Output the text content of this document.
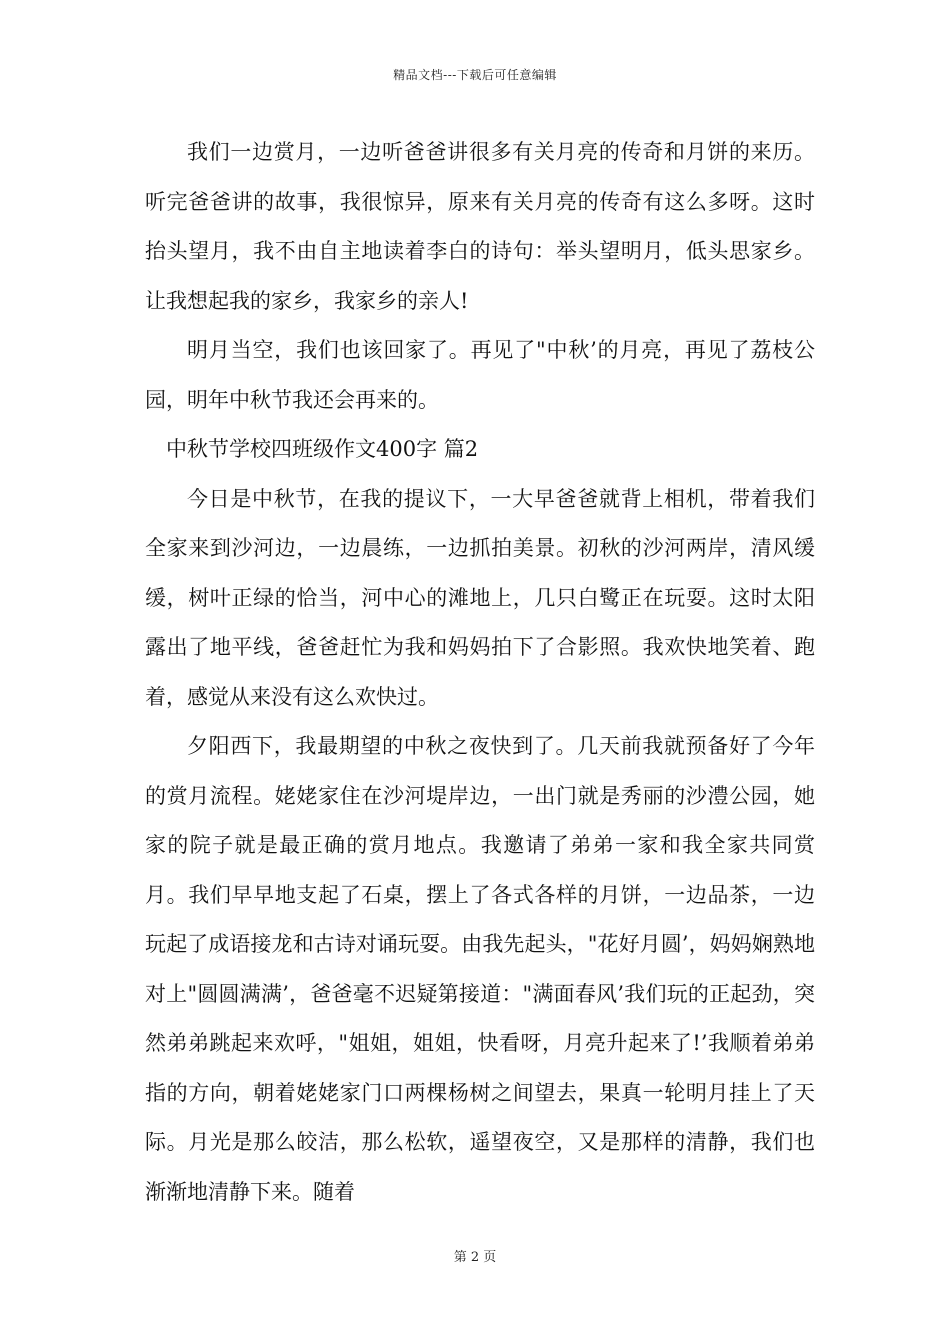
精品文档---下载后可任意编辑

我们一边赏月，一边听爸爸讲很多有关月亮的传奇和月饼的来历。听完爸爸讲的故事，我很惊异，原来有关月亮的传奇有这么多呀。这时抬头望月，我不由自主地读着李白的诗句：举头望明月，低头思家乡。让我想起我的家乡，我家乡的亲人!

明月当空，我们也该回家了。再见了"中秋’的月亮，再见了荔枝公园，明年中秋节我还会再来的。

中秋节学校四班级作文400字 篇2

今日是中秋节，在我的提议下，一大早爸爸就背上相机，带着我们全家来到沙河边，一边晨练，一边抓拍美景。初秋的沙河两岸，清风缓缓，树叶正绿的恰当，河中心的滩地上，几只白鹭正在玩耍。这时太阳露出了地平线，爸爸赶忙为我和妈妈拍下了合影照。我欢快地笑着、跑着，感觉从来没有这么欢快过。

夕阳西下，我最期望的中秋之夜快到了。几天前我就预备好了今年的赏月流程。姥姥家住在沙河堤岸边，一出门就是秀丽的沙澧公园，她家的院子就是最正确的赏月地点。我邀请了弟弟一家和我全家共同赏月。我们早早地支起了石桌，摆上了各式各样的月饼，一边品茶，一边玩起了成语接龙和古诗对诵玩耍。由我先起头，"花好月圆’，妈妈娴熟地对上"圆圆满满’，爸爸毫不迟疑第接道："满面春风’我们玩的正起劲，突然弟弟跳起来欢呼，"姐姐，姐姐，快看呀，月亮升起来了!’我顺着弟弟指的方向，朝着姥姥家门口两棵杨树之间望去，果真一轮明月挂上了天际。月光是那么皎洁，那么松软，遥望夜空，又是那样的清静，我们也渐渐地清静下来。随着

第 2 页
